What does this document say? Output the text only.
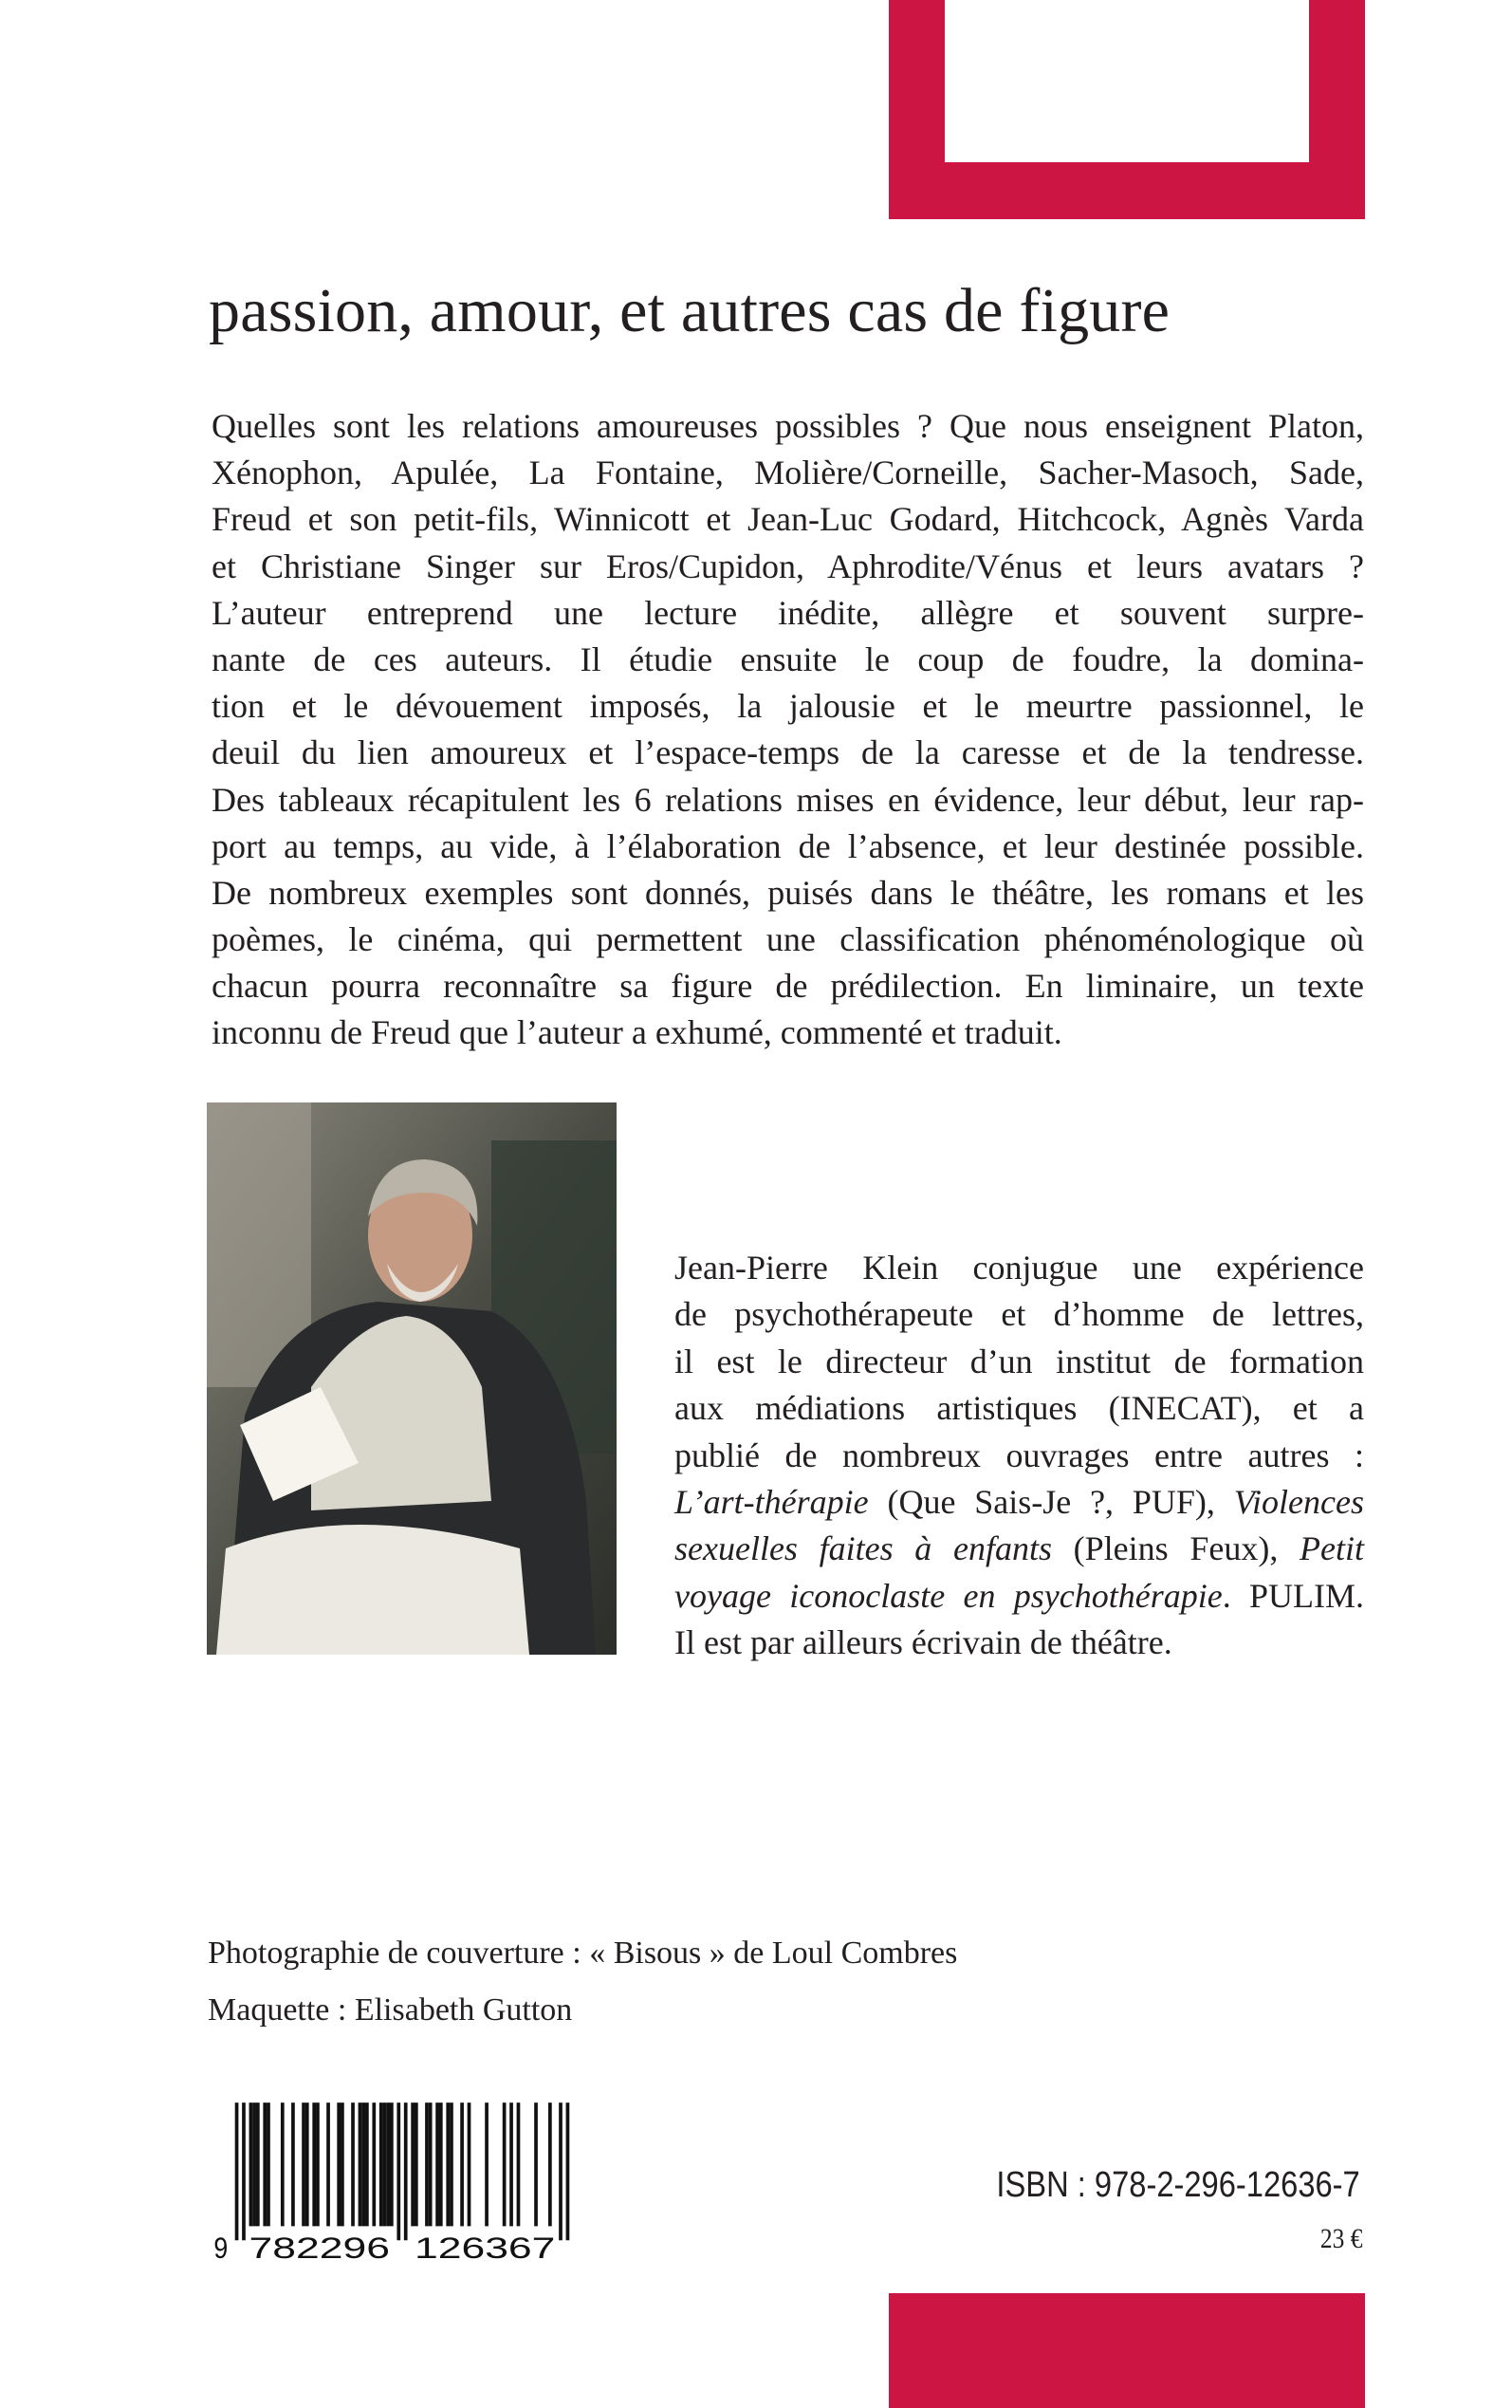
passion, amour, et autres cas de figure
Quelles sont les relations amoureuses possibles ? Que nous enseignent Platon,
Xénophon, Apulée, La Fontaine, Molière/Corneille, Sacher-Masoch, Sade,
Freud et son petit-fils, Winnicott et Jean-Luc Godard, Hitchcock, Agnès Varda
et Christiane Singer sur Eros/Cupidon, Aphrodite/Vénus et leurs avatars ?
L’auteur entreprend une lecture inédite, allègre et souvent surpre-
nante de ces auteurs. Il étudie ensuite le coup de foudre, la domina-
tion et le dévouement imposés, la jalousie et le meurtre passionnel, le
deuil du lien amoureux et l’espace-temps de la caresse et de la tendresse.
Des tableaux récapitulent les 6 relations mises en évidence, leur début, leur rap-
port au temps, au vide, à l’élaboration de l’absence, et leur destinée possible.
De nombreux exemples sont donnés, puisés dans le théâtre, les romans et les
poèmes, le cinéma, qui permettent une classification phénoménologique où
chacun pourra reconnaître sa figure de prédilection. En liminaire, un texte
inconnu de Freud que l’auteur a exhumé, commenté et traduit.
Jean-Pierre Klein conjugue une expérience
de psychothérapeute et d’homme de lettres,
il est le directeur d’un institut de formation
aux médiations artistiques (INECAT), et a
publié de nombreux ouvrages entre autres :
L’art-thérapie (Que Sais-Je ?, PUF), Violences
sexuelles faites à enfants (Pleins Feux), Petit
voyage iconoclaste en psychothérapie. PULIM.
Il est par ailleurs écrivain de théâtre.
Photographie de couverture : « Bisous » de Loul Combres
Maquette : Elisabeth Gutton
9	782296	126367
ISBN : 978-2-296-12636-7
23 €
